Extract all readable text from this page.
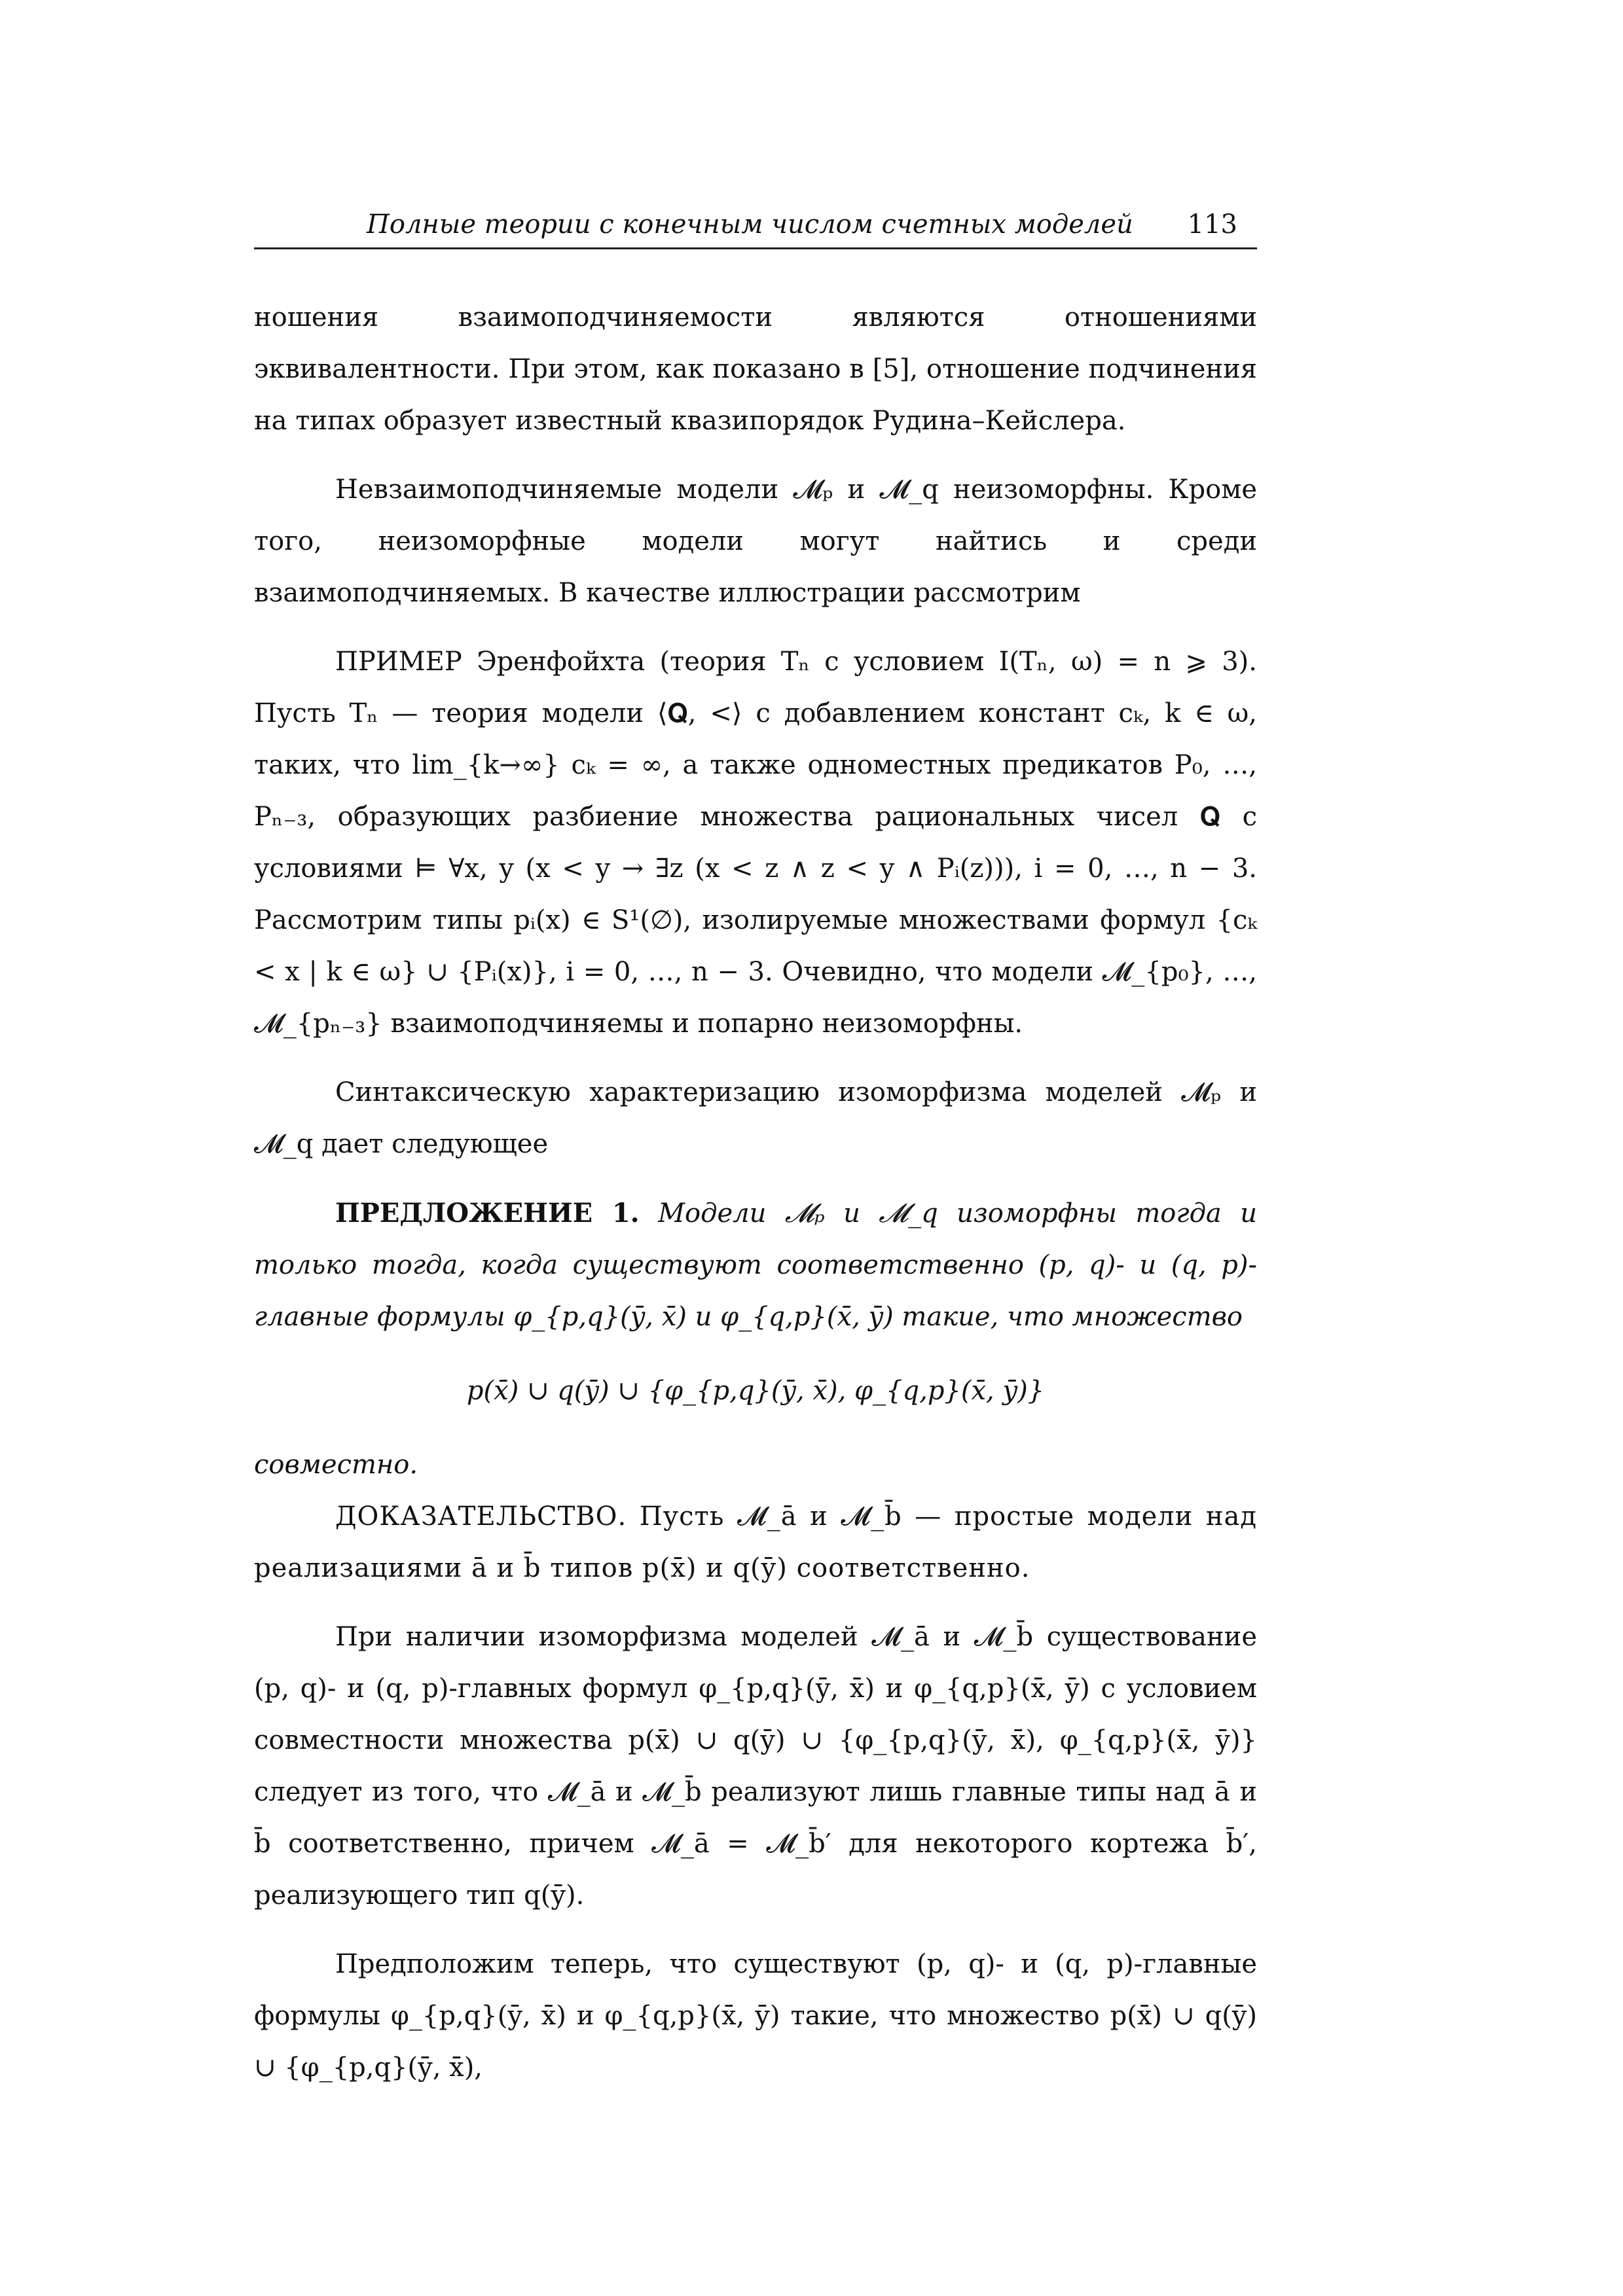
Полные теории с конечным числом счетных моделей 113

ношения взаимоподчиняемости являются отношениями эквивалентности. При этом, как показано в [5], отношение подчинения на типах образует известный квазипорядок Рудина–Кейслера.

Невзаимоподчиняемые модели 𝓜ₚ и 𝓜_q неизоморфны. Кроме того, неизоморфные модели могут найтись и среди взаимоподчиняемых. В качестве иллюстрации рассмотрим

ПРИМЕР Эренфойхта (теория Tₙ с условием I(Tₙ, ω) = n ⩾ 3). Пусть Tₙ — теория модели ⟨𝐐, <⟩ с добавлением констант cₖ, k ∈ ω, таких, что lim_{k→∞} cₖ = ∞, а также одноместных предикатов P₀, …, Pₙ₋₃, образующих разбиение множества рациональных чисел 𝐐 с условиями ⊨ ∀x, y (x < y → ∃z (x < z ∧ z < y ∧ Pᵢ(z))), i = 0, …, n − 3. Рассмотрим типы pᵢ(x) ∈ S¹(∅), изолируемые множествами формул {cₖ < x | k ∈ ω} ∪ {Pᵢ(x)}, i = 0, …, n − 3. Очевидно, что модели 𝓜_{p₀}, …, 𝓜_{pₙ₋₃} взаимоподчиняемы и попарно неизоморфны.

Синтаксическую характеризацию изоморфизма моделей 𝓜ₚ и 𝓜_q дает следующее

ПРЕДЛОЖЕНИЕ 1. Модели 𝓜ₚ и 𝓜_q изоморфны тогда и только тогда, когда существуют соответственно (p, q)- и (q, p)-главные формулы φ_{p,q}(ȳ, x̄) и φ_{q,p}(x̄, ȳ) такие, что множество

p(x̄) ∪ q(ȳ) ∪ {φ_{p,q}(ȳ, x̄), φ_{q,p}(x̄, ȳ)}

совместно.

ДОКАЗАТЕЛЬСТВО. Пусть 𝓜_ā и 𝓜_b̄ — простые модели над реализациями ā и b̄ типов p(x̄) и q(ȳ) соответственно.

При наличии изоморфизма моделей 𝓜_ā и 𝓜_b̄ существование (p, q)- и (q, p)-главных формул φ_{p,q}(ȳ, x̄) и φ_{q,p}(x̄, ȳ) с условием совместности множества p(x̄) ∪ q(ȳ) ∪ {φ_{p,q}(ȳ, x̄), φ_{q,p}(x̄, ȳ)} следует из того, что 𝓜_ā и 𝓜_b̄ реализуют лишь главные типы над ā и b̄ соответственно, причем 𝓜_ā = 𝓜_b̄′ для некоторого кортежа b̄′, реализующего тип q(ȳ).

Предположим теперь, что существуют (p, q)- и (q, p)-главные формулы φ_{p,q}(ȳ, x̄) и φ_{q,p}(x̄, ȳ) такие, что множество p(x̄) ∪ q(ȳ) ∪ {φ_{p,q}(ȳ, x̄),
